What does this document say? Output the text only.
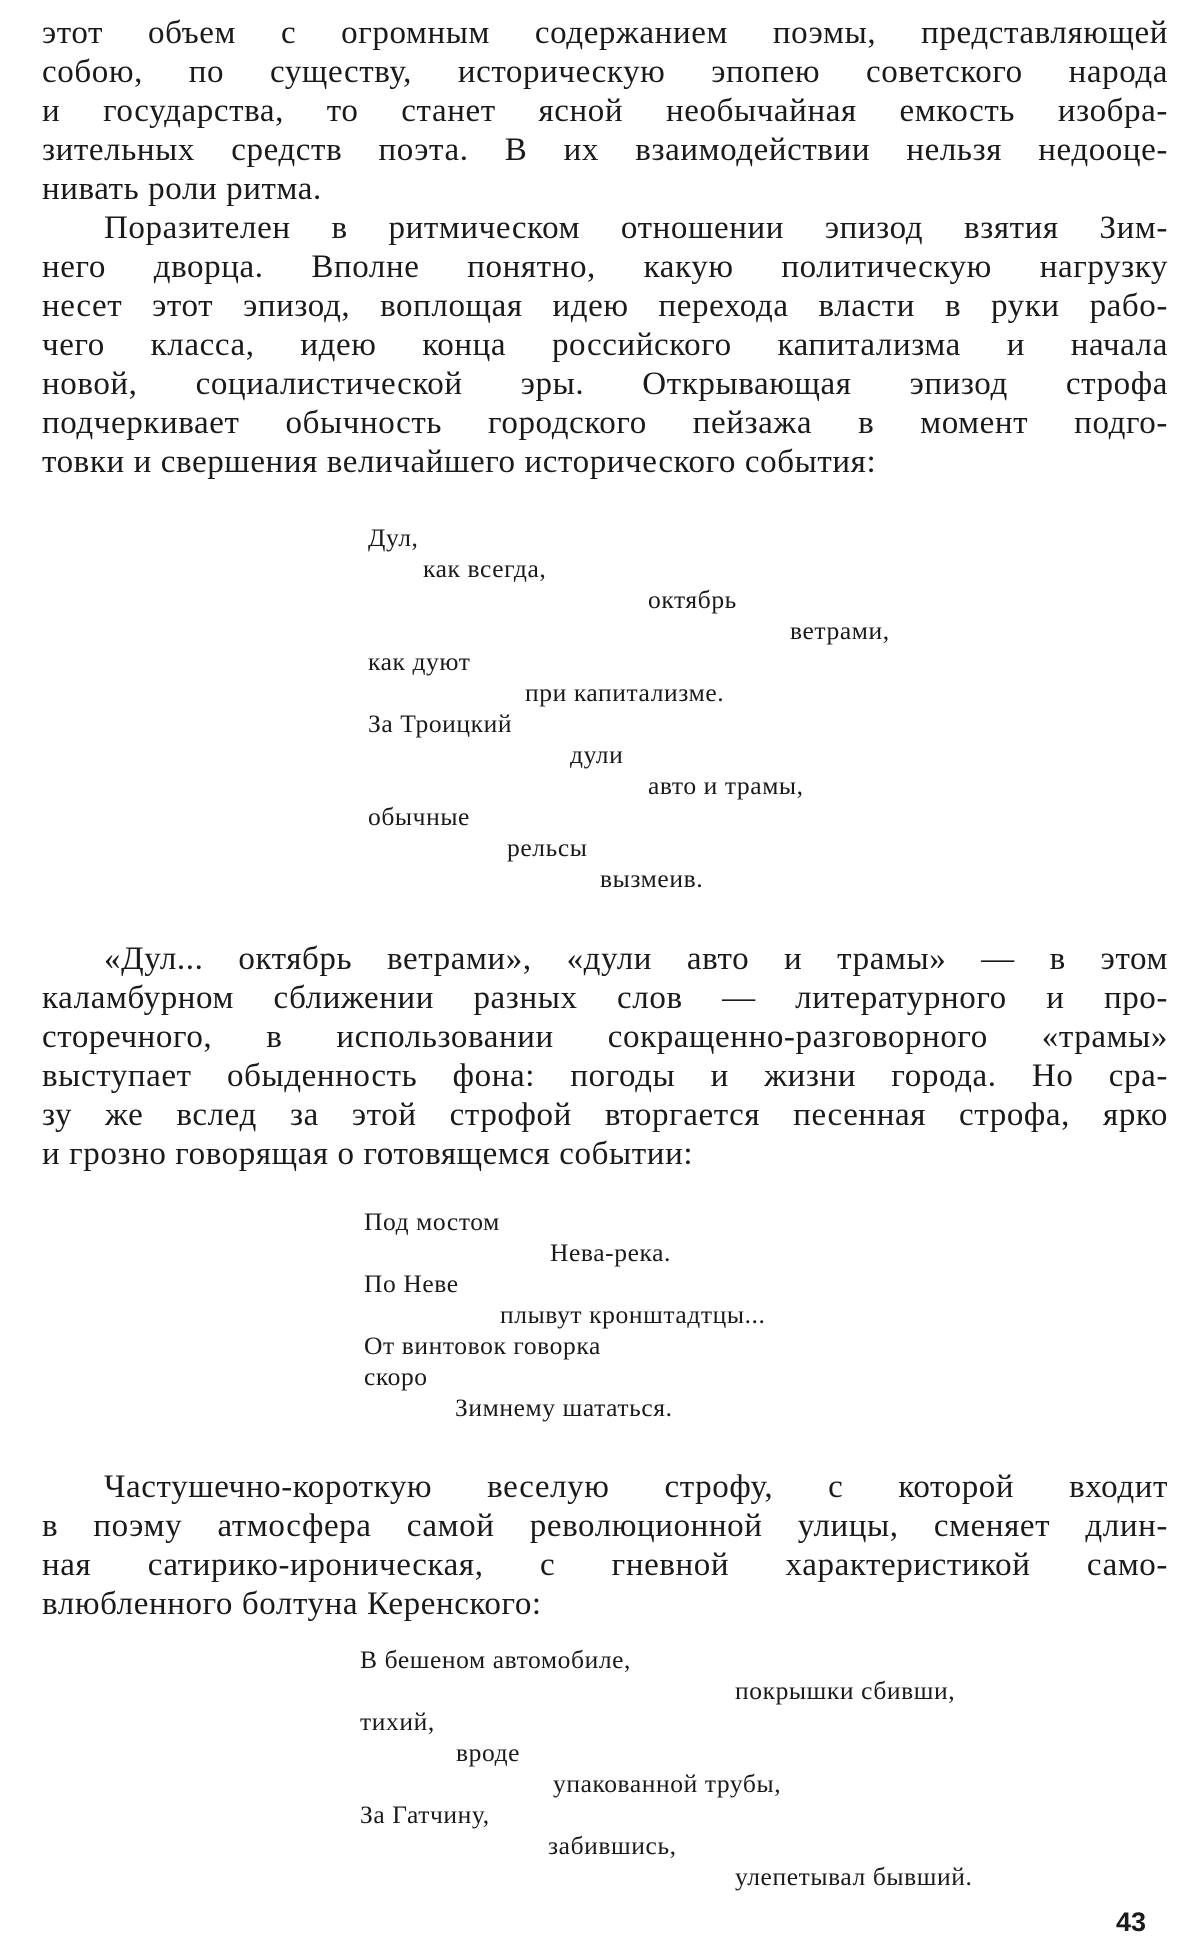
этот объем с огромным содержанием поэмы, представляющей
собою, по существу, историческую эпопею советского народа
и государства, то станет ясной необычайная емкость изобра-
зительных средств поэта. В их взаимодействии нельзя недооце-
нивать роли ритма.
Поразителен в ритмическом отношении эпизод взятия Зим-
него дворца. Вполне понятно, какую политическую нагрузку
несет этот эпизод, воплощая идею перехода власти в руки рабо-
чего класса, идею конца российского капитализма и начала
новой, социалистической эры. Открывающая эпизод строфа
подчеркивает обычность городского пейзажа в момент подго-
товки и свершения величайшего исторического события:
Дул,
как всегда,
октябрь
ветрами,
как дуют
при капитализме.
За Троицкий
дули
авто и трамы,
обычные
рельсы
вызмеив.
«Дул... октябрь ветрами», «дули авто и трамы» — в этом
каламбурном сближении разных слов — литературного и про-
сторечного, в использовании сокращенно-разговорного «трамы»
выступает обыденность фона: погоды и жизни города. Но сра-
зу же вслед за этой строфой вторгается песенная строфа, ярко
и грозно говорящая о готовящемся событии:
Под мостом
Нева-река.
По Неве
плывут кронштадтцы...
От винтовок говорка
скоро
Зимнему шататься.
Частушечно-короткую веселую строфу, с которой входит
в поэму атмосфера самой революционной улицы, сменяет длин-
ная сатирико-ироническая, с гневной характеристикой само-
влюбленного болтуна Керенского:
В бешеном автомобиле,
покрышки сбивши,
тихий,
вроде
упакованной трубы,
За Гатчину,
забившись,
улепетывал бывший.
43
